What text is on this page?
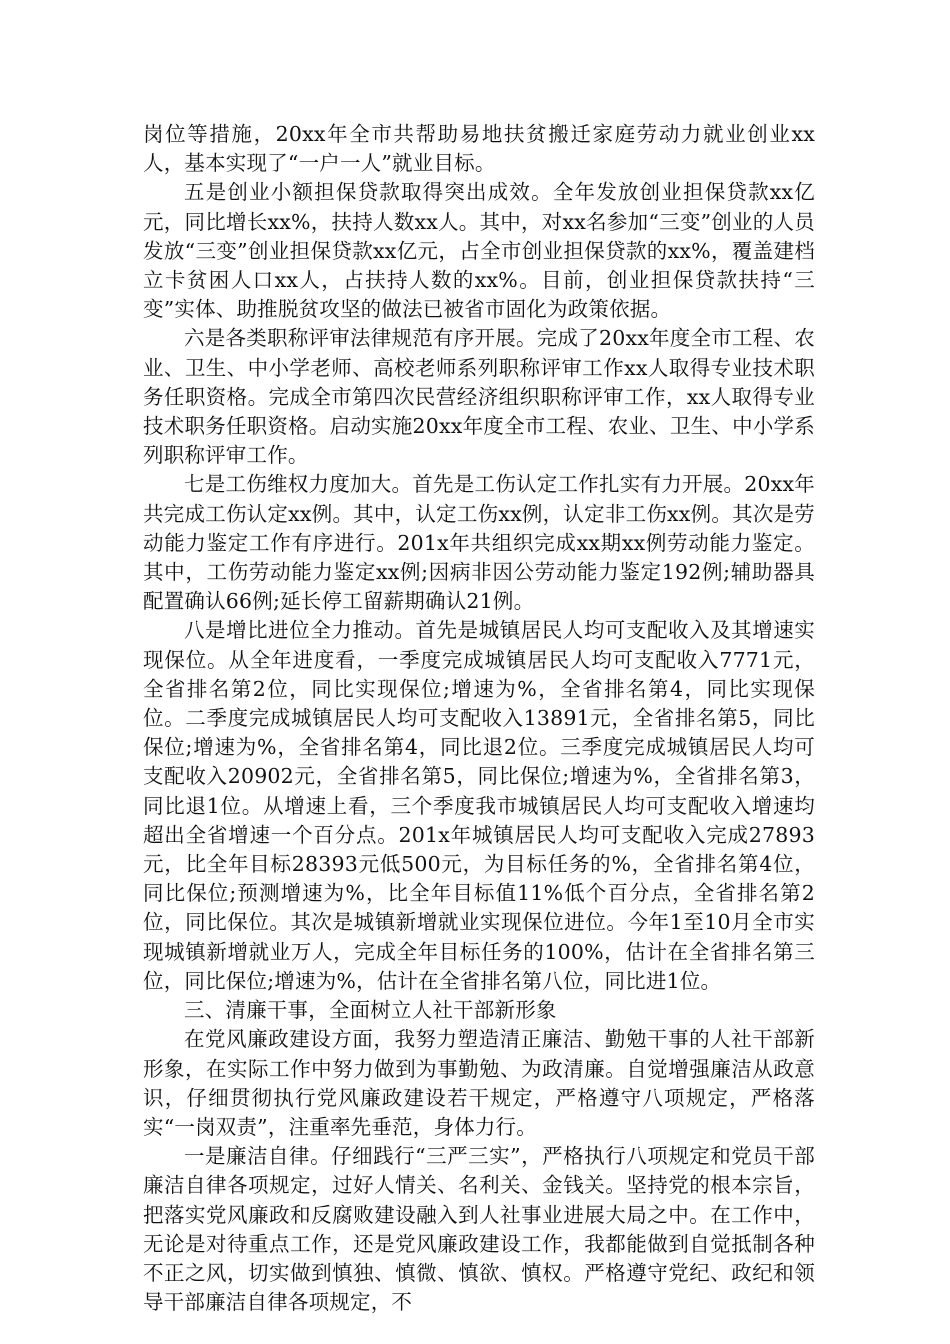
岗位等措施，20xx年全市共帮助易地扶贫搬迁家庭劳动力就业创业xx人，基本实现了“一户一人”就业目标。

五是创业小额担保贷款取得突出成效。全年发放创业担保贷款xx亿元，同比增长xx%，扶持人数xx人。其中，对xx名参加“三变”创业的人员发放“三变”创业担保贷款xx亿元，占全市创业担保贷款的xx%，覆盖建档立卡贫困人口xx人，占扶持人数的xx%。目前，创业担保贷款扶持“三变”实体、助推脱贫攻坚的做法已被省市固化为政策依据。

六是各类职称评审法律规范有序开展。完成了20xx年度全市工程、农业、卫生、中小学老师、高校老师系列职称评审工作xx人取得专业技术职务任职资格。完成全市第四次民营经济组织职称评审工作，xx人取得专业技术职务任职资格。启动实施20xx年度全市工程、农业、卫生、中小学系列职称评审工作。

七是工伤维权力度加大。首先是工伤认定工作扎实有力开展。20xx年共完成工伤认定xx例。其中，认定工伤xx例，认定非工伤xx例。其次是劳动能力鉴定工作有序进行。201x年共组织完成xx期xx例劳动能力鉴定。其中，工伤劳动能力鉴定xx例;因病非因公劳动能力鉴定192例;辅助器具配置确认66例;延长停工留薪期确认21例。

八是增比进位全力推动。首先是城镇居民人均可支配收入及其增速实现保位。从全年进度看，一季度完成城镇居民人均可支配收入7771元，全省排名第2位，同比实现保位;增速为%，全省排名第4，同比实现保位。二季度完成城镇居民人均可支配收入13891元，全省排名第5，同比保位;增速为%，全省排名第4，同比退2位。三季度完成城镇居民人均可支配收入20902元，全省排名第5，同比保位;增速为%，全省排名第3，同比退1位。从增速上看，三个季度我市城镇居民人均可支配收入增速均超出全省增速一个百分点。201x年城镇居民人均可支配收入完成27893元，比全年目标28393元低500元，为目标任务的%，全省排名第4位，同比保位;预测增速为%，比全年目标值11%低个百分点，全省排名第2位，同比保位。其次是城镇新增就业实现保位进位。今年1至10月全市实现城镇新增就业万人，完成全年目标任务的100%，估计在全省排名第三位，同比保位;增速为%，估计在全省排名第八位，同比进1位。

三、清廉干事，全面树立人社干部新形象

在党风廉政建设方面，我努力塑造清正廉洁、勤勉干事的人社干部新形象，在实际工作中努力做到为事勤勉、为政清廉。自觉增强廉洁从政意识，仔细贯彻执行党风廉政建设若干规定，严格遵守八项规定，严格落实“一岗双责”，注重率先垂范，身体力行。

一是廉洁自律。仔细践行“三严三实”，严格执行八项规定和党员干部廉洁自律各项规定，过好人情关、名利关、金钱关。坚持党的根本宗旨，把落实党风廉政和反腐败建设融入到人社事业进展大局之中。在工作中，无论是对待重点工作，还是党风廉政建设工作，我都能做到自觉抵制各种不正之风，切实做到慎独、慎微、慎欲、慎权。严格遵守党纪、政纪和领导干部廉洁自律各项规定，不
